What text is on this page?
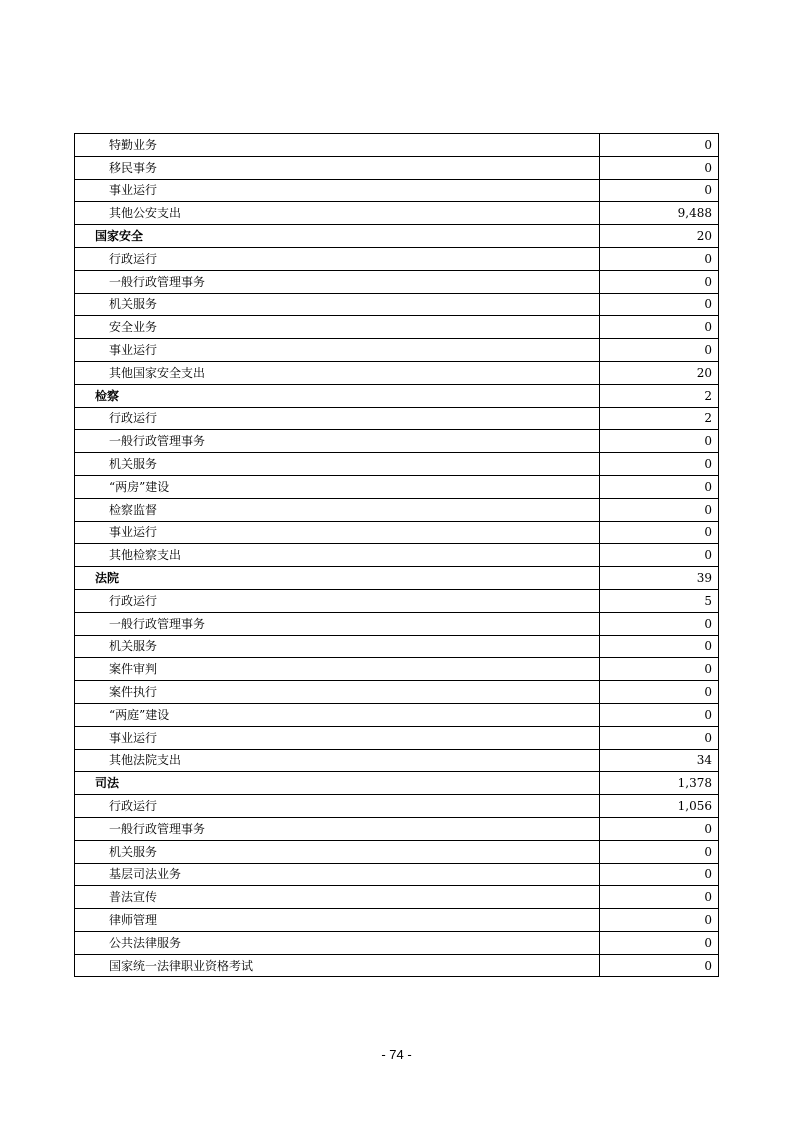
特勤业务	0
移民事务	0
事业运行	0
其他公安支出	9,488
国家安全	20
行政运行	0
一般行政管理事务	0
机关服务	0
安全业务	0
事业运行	0
其他国家安全支出	20
检察	2
行政运行	2
一般行政管理事务	0
机关服务	0
“两房”建设	0
检察监督	0
事业运行	0
其他检察支出	0
法院	39
行政运行	5
一般行政管理事务	0
机关服务	0
案件审判	0
案件执行	0
“两庭”建设	0
事业运行	0
其他法院支出	34
司法	1,378
行政运行	1,056
一般行政管理事务	0
机关服务	0
基层司法业务	0
普法宣传	0
律师管理	0
公共法律服务	0
国家统一法律职业资格考试	0
- 74 -
